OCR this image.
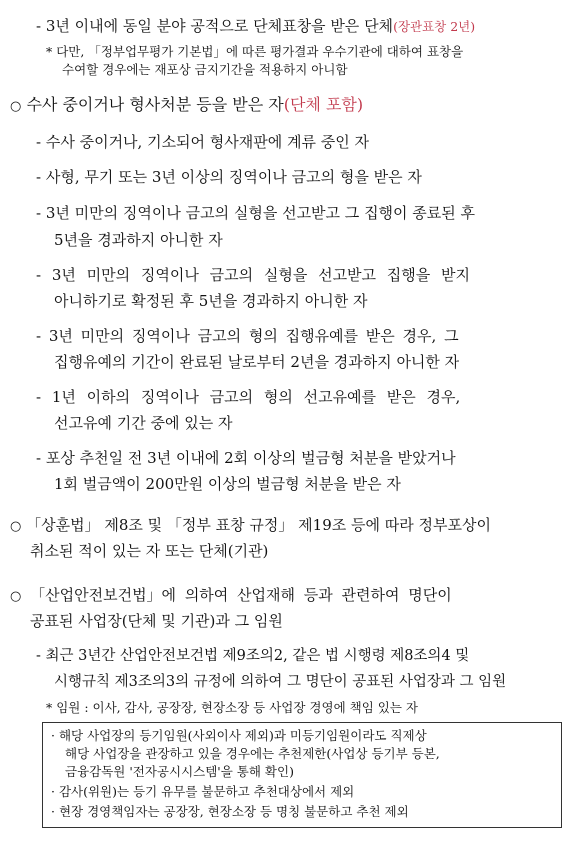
- 3년 이내에 동일 분야 공적으로 단체표창을 받은 단체(장관표창 2년)
* 다만, 「정부업무평가 기본법」에 따른 평가결과 우수기관에 대하여 표창을
수여할 경우에는 재포상 금지기간을 적용하지 아니함
○ 수사 중이거나 형사처분 등을 받은 자(단체 포함)
- 수사 중이거나, 기소되어 형사재판에 계류 중인 자
- 사형, 무기 또는 3년 이상의 징역이나 금고의 형을 받은 자
- 3년 미만의 징역이나 금고의 실형을 선고받고 그 집행이 종료된 후
5년을 경과하지 아니한 자
- 3년 미만의 징역이나 금고의 실형을 선고받고 집행을 받지
아니하기로 확정된 후 5년을 경과하지 아니한 자
- 3년 미만의 징역이나 금고의 형의 집행유예를 받은 경우, 그
집행유예의 기간이 완료된 날로부터 2년을 경과하지 아니한 자
- 1년 이하의 징역이나 금고의 형의 선고유예를 받은 경우,
선고유예 기간 중에 있는 자
- 포상 추천일 전 3년 이내에 2회 이상의 벌금형 처분을 받았거나
1회 벌금액이 200만원 이상의 벌금형 처분을 받은 자
○ 「상훈법」 제8조 및 「정부 표창 규정」 제19조 등에 따라 정부포상이
취소된 적이 있는 자 또는 단체(기관)
○ 「산업안전보건법」에 의하여 산업재해 등과 관련하여 명단이
공표된 사업장(단체 및 기관)과 그 임원
- 최근 3년간 산업안전보건법 제9조의2, 같은 법 시행령 제8조의4 및
시행규칙 제3조의3의 규정에 의하여 그 명단이 공표된 사업장과 그 임원
* 임원 : 이사, 감사, 공장장, 현장소장 등 사업장 경영에 책임 있는 자
· 해당 사업장의 등기임원(사외이사 제외)과 미등기임원이라도 직제상
해당 사업장을 관장하고 있을 경우에는 추천제한(사업상 등기부 등본,
금융감독원 '전자공시시스템'을 통해 확인)
· 감사(위원)는 등기 유무를 불문하고 추천대상에서 제외
· 현장 경영책임자는 공장장, 현장소장 등 명칭 불문하고 추천 제외
